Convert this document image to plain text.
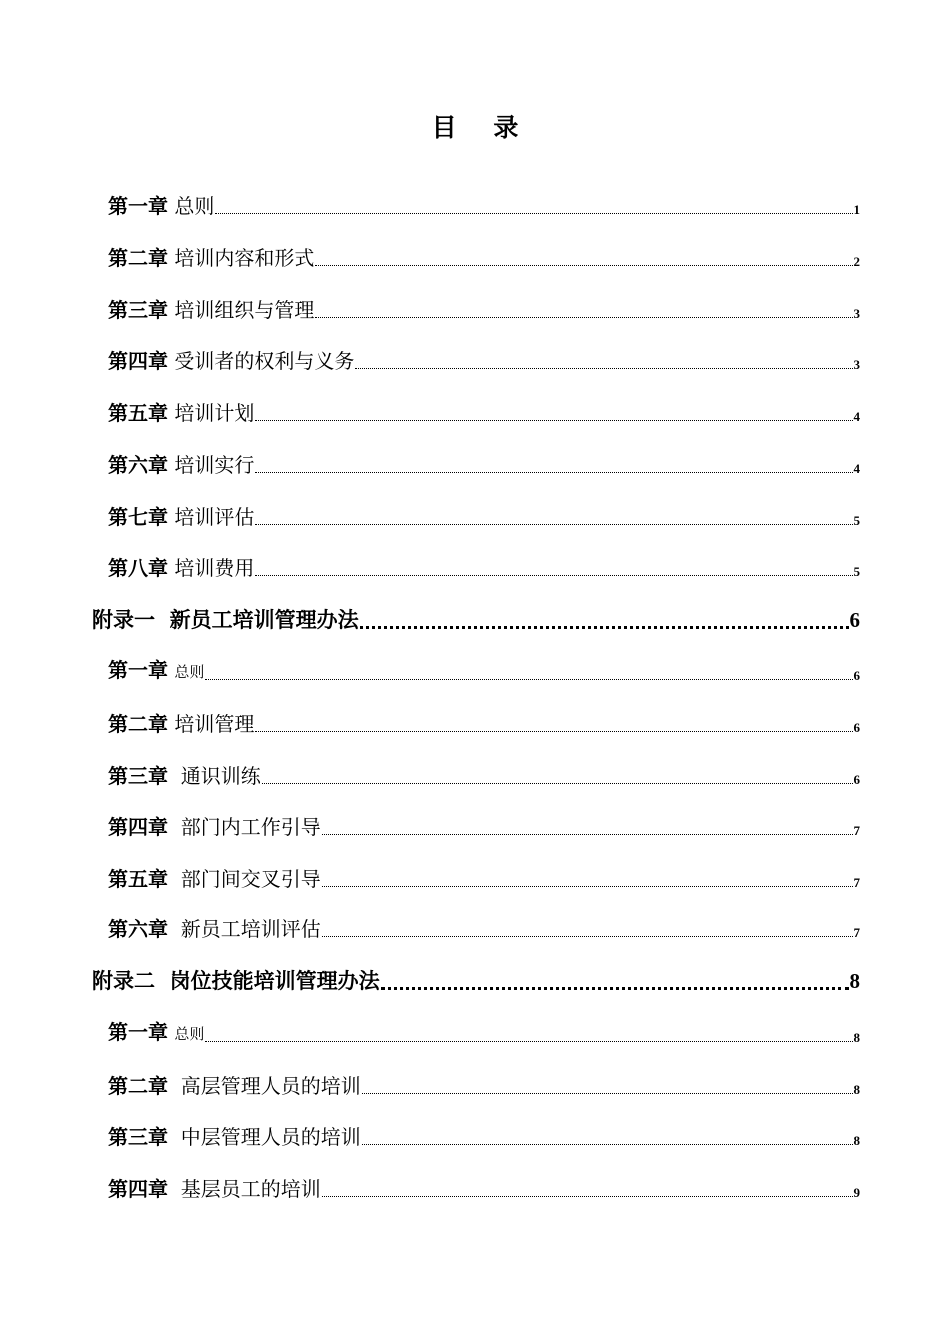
目 录
第一章 总则	1
第二章 培训内容和形式	2
第三章 培训组织与管理	3
第四章 受训者的权利与义务	3
第五章 培训计划	4
第六章 培训实行	4
第七章 培训评估	5
第八章 培训费用	5
附录一 新员工培训管理办法	6
第一章 总则	6
第二章 培训管理	6
第三章 通识训练	6
第四章 部门内工作引导	7
第五章 部门间交叉引导	7
第六章 新员工培训评估	7
附录二 岗位技能培训管理办法	8
第一章 总则	8
第二章 高层管理人员的培训	8
第三章 中层管理人员的培训	8
第四章 基层员工的培训	9
